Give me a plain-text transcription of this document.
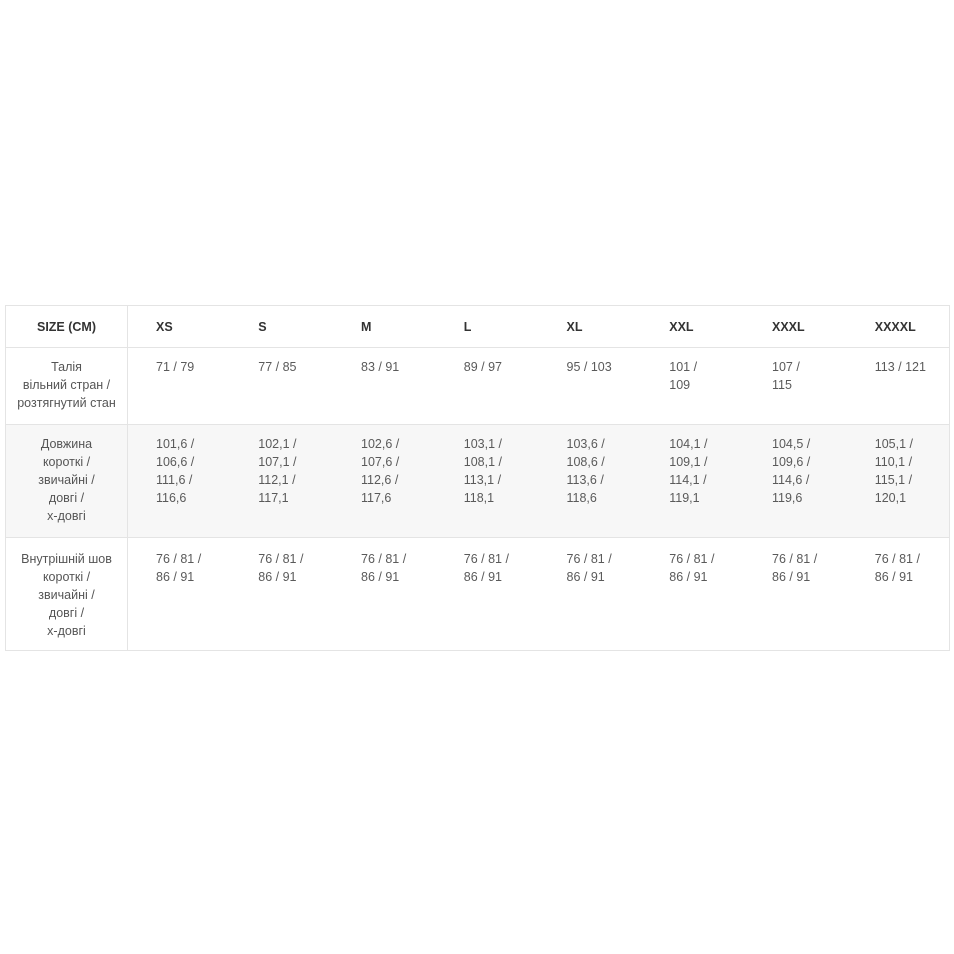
SIZE (CM)	XS	S	M	L	XL	XXL	XXXL	XXXXL

Талія
вільний стран /
розтягнутий стан	71 / 79	77 / 85	83 / 91	89 / 97	95 / 103	101 /
109	107 /
115	113 / 121

Довжина
короткі /
звичайні /
довгі /
х-довгі	101,6 /
106,6 /
111,6 /
116,6	102,1 /
107,1 /
112,1 /
117,1	102,6 /
107,6 /
112,6 /
117,6	103,1 /
108,1 /
113,1 /
118,1	103,6 /
108,6 /
113,6 /
118,6	104,1 /
109,1 /
114,1 /
119,1	104,5 /
109,6 /
114,6 /
119,6	105,1 /
110,1 /
115,1 /
120,1

Внутрішній шов
короткі /
звичайні /
довгі /
х-довгі	76 / 81 /
86 / 91	76 / 81 /
86 / 91	76 / 81 /
86 / 91	76 / 81 /
86 / 91	76 / 81 /
86 / 91	76 / 81 /
86 / 91	76 / 81 /
86 / 91	76 / 81 /
86 / 91
